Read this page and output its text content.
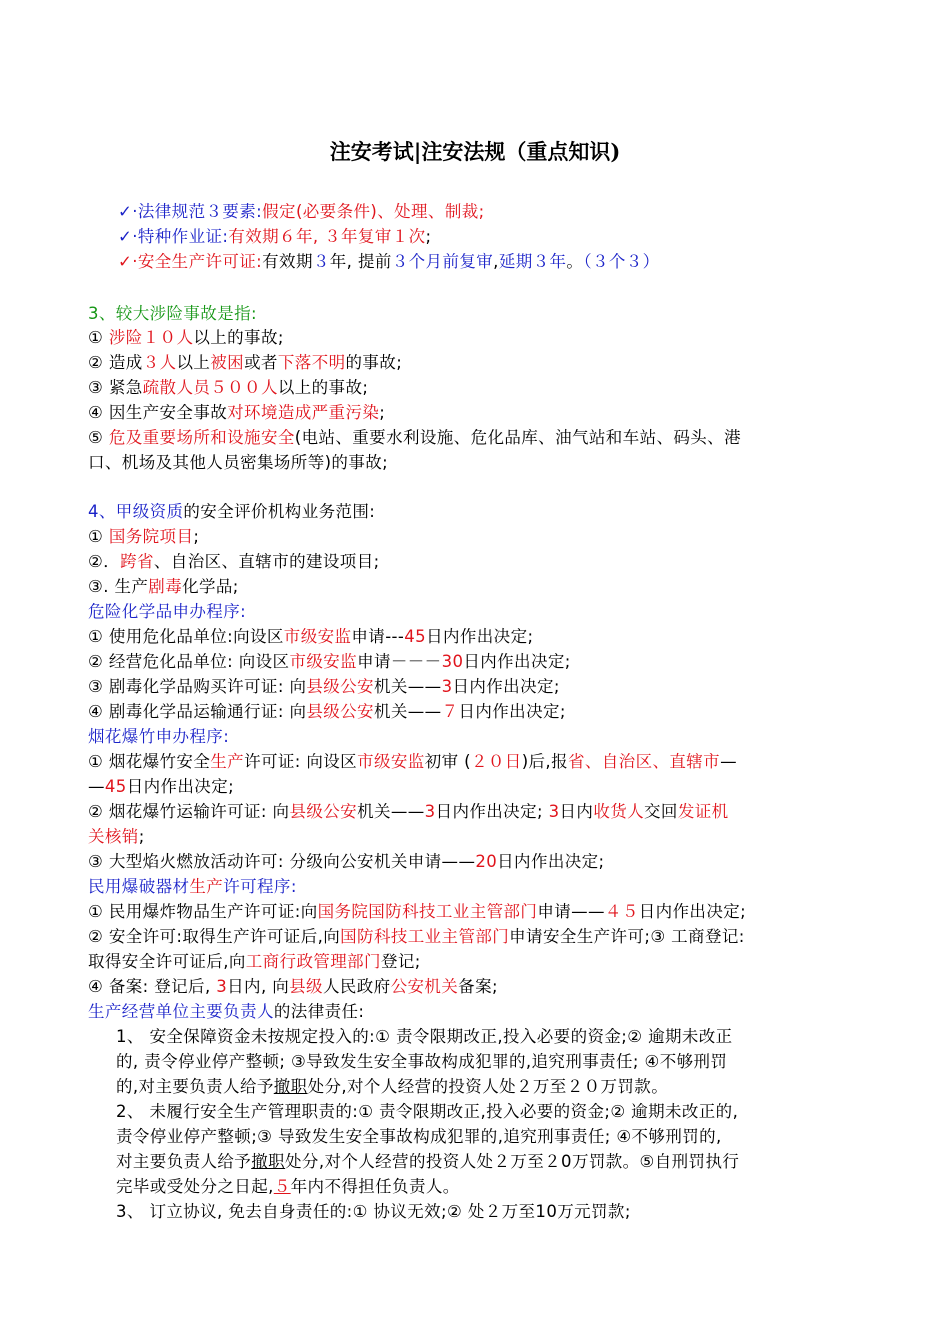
注安考试|注安法规（重点知识)
✓·法律规范３要素:假定(必要条件)、处理、制裁;
✓·特种作业证:有效期６年, ３年复审１次;
✓·安全生产许可证:有效期３年, 提前３个月前复审,延期３年。（３个３）
3、较大涉险事故是指:
① 涉险１０人以上的事故;
② 造成３人以上被困或者下落不明的事故;
③ 紧急疏散人员５００人以上的事故;
④ 因生产安全事故对环境造成严重污染;
⑤ 危及重要场所和设施安全(电站、重要水利设施、危化品库、油气站和车站、码头、港
口、机场及其他人员密集场所等)的事故;
4、甲级资质的安全评价机构业务范围:
① 国务院项目;
②．跨省、自治区、直辖市的建设项目;
③. 生产剧毒化学品;
危险化学品申办程序:
① 使用危化品单位:向设区市级安监申请---45日内作出决定;
② 经营危化品单位: 向设区市级安监申请－－－30日内作出决定;
③ 剧毒化学品购买许可证: 向县级公安机关——3日内作出决定;
④ 剧毒化学品运输通行证: 向县级公安机关——７日内作出决定;
烟花爆竹申办程序:
① 烟花爆竹安全生产许可证: 向设区市级安监初审 (２０日)后,报省、自治区、直辖市—
—45日内作出决定;
② 烟花爆竹运输许可证: 向县级公安机关——3日内作出决定; 3日内收货人交回发证机
关核销;
③ 大型焰火燃放活动许可: 分级向公安机关申请——20日内作出决定;
民用爆破器材生产许可程序:
① 民用爆炸物品生产许可证:向国务院国防科技工业主管部门申请——４５日内作出决定;
② 安全许可:取得生产许可证后,向国防科技工业主管部门申请安全生产许可;③ 工商登记:
取得安全许可证后,向工商行政管理部门登记;
④ 备案: 登记后, 3日内, 向县级人民政府公安机关备案;
生产经营单位主要负责人的法律责任:
1、 安全保障资金未按规定投入的:① 责令限期改正,投入必要的资金;② 逾期未改正
的, 责令停业停产整顿; ③导致发生安全事故构成犯罪的,追究刑事责任; ④不够刑罚
的,对主要负责人给予撤职处分,对个人经营的投资人处２万至２０万罚款。
2、 未履行安全生产管理职责的:① 责令限期改正,投入必要的资金;② 逾期未改正的,
责令停业停产整顿;③ 导致发生安全事故构成犯罪的,追究刑事责任; ④不够刑罚的,
对主要负责人给予撤职处分,对个人经营的投资人处２万至２0万罚款。⑤自刑罚执行
完毕或受处分之日起,５年内不得担任负责人。
3、 订立协议, 免去自身责任的:① 协议无效;② 处２万至10万元罚款;
